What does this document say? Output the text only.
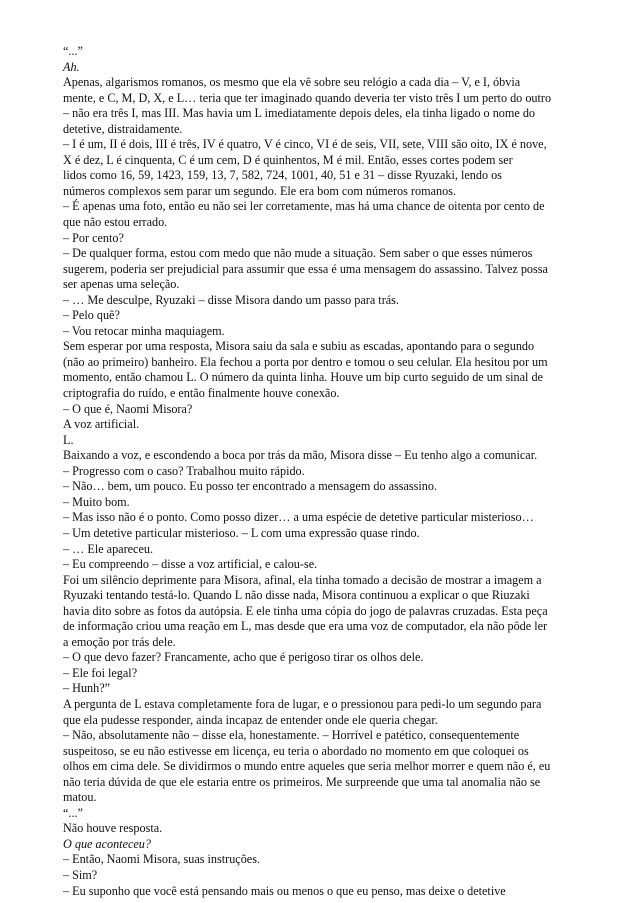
“...”
Ah.
Apenas, algarismos romanos, os mesmo que ela vê sobre seu relógio a cada dia – V, e I, óbvia
mente, e C, M, D, X, e L… teria que ter imaginado quando deveria ter visto três I um perto do outro
– não era três I, mas III. Mas havia um L imediatamente depois deles, ela tinha ligado o nome do
detetive, distraidamente.
– I é um, II é dois, III é três, IV é quatro, V é cinco, VI é de seis, VII, sete, VIII são oito, IX é nove,
X é dez, L é cinquenta, C é um cem, D é quinhentos, M é mil. Então, esses cortes podem ser
lidos como 16, 59, 1423, 159, 13, 7, 582, 724, 1001, 40, 51 e 31 – disse Ryuzaki, lendo os
números complexos sem parar um segundo. Ele era bom com números romanos.
– É apenas uma foto, então eu não sei ler corretamente, mas há uma chance de oitenta por cento de
que não estou errado.
– Por cento?
– De qualquer forma, estou com medo que não mude a situação. Sem saber o que esses números
sugerem, poderia ser prejudicial para assumir que essa é uma mensagem do assassino. Talvez possa
ser apenas uma seleção.
– … Me desculpe, Ryuzaki – disse Misora dando um passo para trás.
– Pelo quê?
– Vou retocar minha maquiagem.
Sem esperar por uma resposta, Misora saiu da sala e subiu as escadas, apontando para o segundo
(não ao primeiro) banheiro. Ela fechou a porta por dentro e tomou o seu celular. Ela hesitou por um
momento, então chamou L. O número da quinta linha. Houve um bip curto seguido de um sinal de
criptografia do ruído, e então finalmente houve conexão.
– O que é, Naomi Misora?
A voz artificial.
L.
Baixando a voz, e escondendo a boca por trás da mão, Misora disse – Eu tenho algo a comunicar.
– Progresso com o caso? Trabalhou muito rápido.
– Não… bem, um pouco. Eu posso ter encontrado a mensagem do assassino.
– Muito bom.
– Mas isso não é o ponto. Como posso dizer… a uma espécie de detetive particular misterioso…
– Um detetive particular misterioso. – L com uma expressão quase rindo.
– … Ele apareceu.
– Eu compreendo – disse a voz artificial, e calou-se.
Foi um silêncio deprimente para Misora, afinal, ela tinha tomado a decisão de mostrar a imagem a
Ryuzaki tentando testá-lo. Quando L não disse nada, Misora continuou a explicar o que Riuzaki
havia dito sobre as fotos da autópsia. E ele tinha uma cópia do jogo de palavras cruzadas. Esta peça
de informação criou uma reação em L, mas desde que era uma voz de computador, ela não pôde ler
a emoção por trás dele.
– O que devo fazer? Francamente, acho que é perigoso tirar os olhos dele.
– Ele foi legal?
– Hunh?”
A pergunta de L estava completamente fora de lugar, e o pressionou para pedi-lo um segundo para
que ela pudesse responder, ainda incapaz de entender onde ele queria chegar.
– Não, absolutamente não – disse ela, honestamente. – Horrível e patético, consequentemente
suspeitoso, se eu não estivesse em licença, eu teria o abordado no momento em que coloquei os
olhos em cima dele. Se dividirmos o mundo entre aqueles que seria melhor morrer e quem não é, eu
não teria dúvida de que ele estaria entre os primeiros. Me surpreende que uma tal anomalia não se
matou.
“...”
Não houve resposta.
O que aconteceu?
– Então, Naomi Misora, suas instruções.
– Sim?
– Eu suponho que você está pensando mais ou menos o que eu penso, mas deixe o detetive
